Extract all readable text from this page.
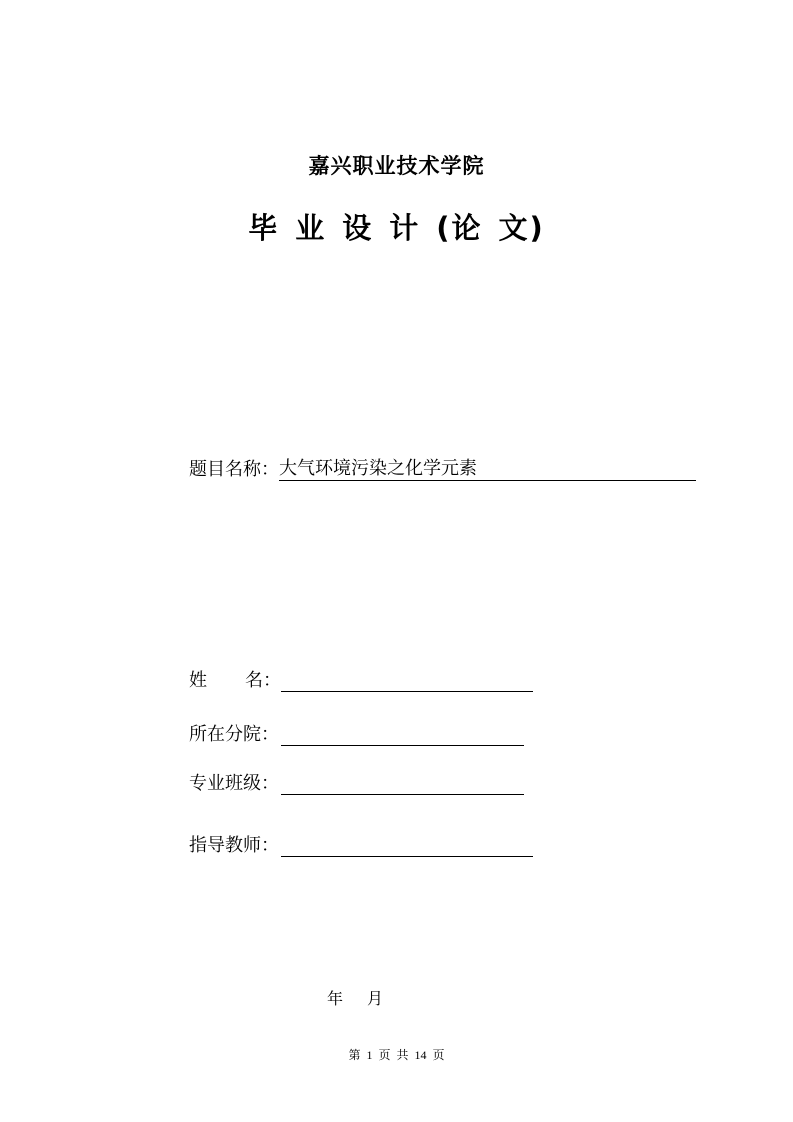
嘉兴职业技术学院
毕 业 设 计 (论 文)
题目名称： 大气环境污染之化学元素
姓 名：
所在分院：
专业班级：
指导教师：
年 月
第 1 页 共 14 页
